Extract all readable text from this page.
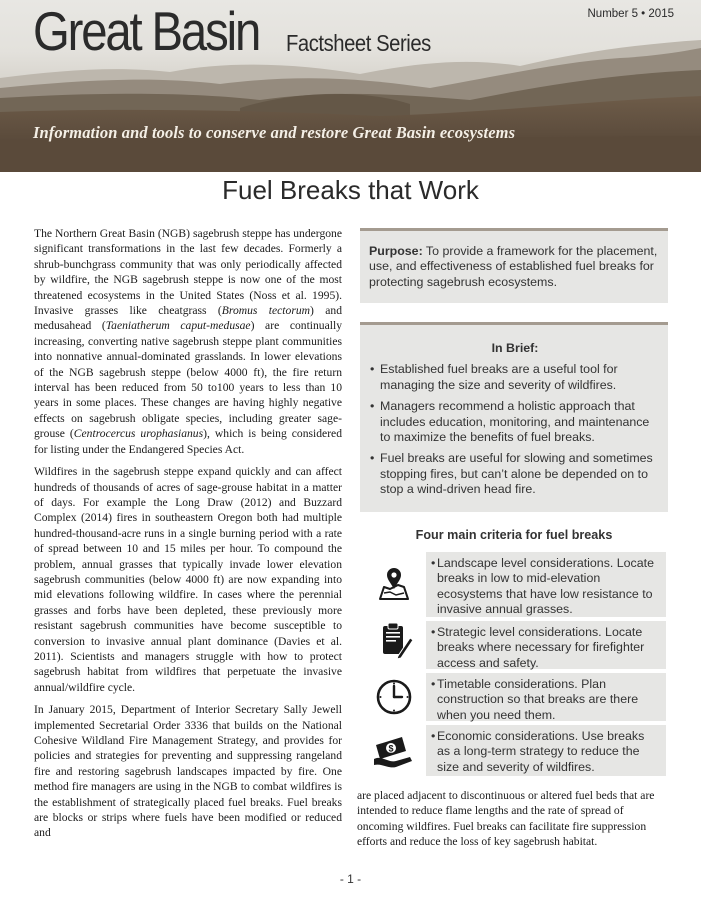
Great Basin Factsheet Series
Number 5 • 2015
Information and tools to conserve and restore Great Basin ecosystems
Fuel Breaks that Work

The Northern Great Basin (NGB) sagebrush steppe has undergone significant transformations in the last few decades. Formerly a shrub-bunchgrass community that was only periodically affected by wildfire, the NGB sagebrush steppe is now one of the most threatened ecosystems in the United States (Noss et al. 1995). Invasive grasses like cheatgrass (Bromus tectorum) and medusahead (Taeniatherum caput-medusae) are continually increasing, converting native sagebrush steppe plant communities into nonnative annual-dominated grasslands. In lower elevations of the NGB sagebrush steppe (below 4000 ft), the fire return interval has been reduced from 50 to100 years to less than 10 years in some places. These changes are having highly negative effects on sagebrush obligate species, including greater sage-grouse (Centrocercus urophasianus), which is being considered for listing under the Endangered Species Act.

Wildfires in the sagebrush steppe expand quickly and can affect hundreds of thousands of acres of sage-grouse habitat in a matter of days. For example the Long Draw (2012) and Buzzard Complex (2014) fires in southeastern Oregon both had multiple hundred-thousand-acre runs in a single burning period with a rate of spread between 10 and 15 miles per hour. To compound the problem, annual grasses that typically invade lower elevation sagebrush communities (below 4000 ft) are now expanding into mid elevations following wildfire. In cases where the perennial grasses and forbs have been depleted, these previously more resistant sagebrush communities have become susceptible to conversion to invasive annual plant dominance (Davies et al. 2011). Scientists and managers struggle with how to protect sagebrush habitat from wildfires that perpetuate the invasive annual/wildfire cycle.

In January 2015, Department of Interior Secretary Sally Jewell implemented Secretarial Order 3336 that builds on the National Cohesive Wildland Fire Management Strategy, and provides for policies and strategies for preventing and suppressing rangeland fire and restoring sagebrush landscapes impacted by fire. One method fire managers are using in the NGB to combat wildfires is the establishment of strategically placed fuel breaks. Fuel breaks are blocks or strips where fuels have been modified or reduced and

Purpose: To provide a framework for the placement, use, and effectiveness of established fuel breaks for protecting sagebrush ecosystems.
In Brief:
• Established fuel breaks are a useful tool for managing the size and severity of wildfires.
• Managers recommend a holistic approach that includes education, monitoring, and maintenance to maximize the benefits of fuel breaks.
• Fuel breaks are useful for slowing and sometimes stopping fires, but can’t alone be depended on to stop a wind-driven head fire.
Four main criteria for fuel breaks
• Landscape level considerations. Locate breaks in low to mid-elevation ecosystems that have low resistance to invasive annual grasses.
• Strategic level considerations. Locate breaks where necessary for firefighter access and safety.
• Timetable considerations. Plan construction so that breaks are there when you need them.
$
• Economic considerations. Use breaks as a long-term strategy to reduce the size and severity of wildfires.
are placed adjacent to discontinuous or altered fuel beds that are intended to reduce flame lengths and the rate of spread of oncoming wildfires. Fuel breaks can facilitate fire suppression efforts and reduce the loss of key sagebrush habitat.
- 1 -
